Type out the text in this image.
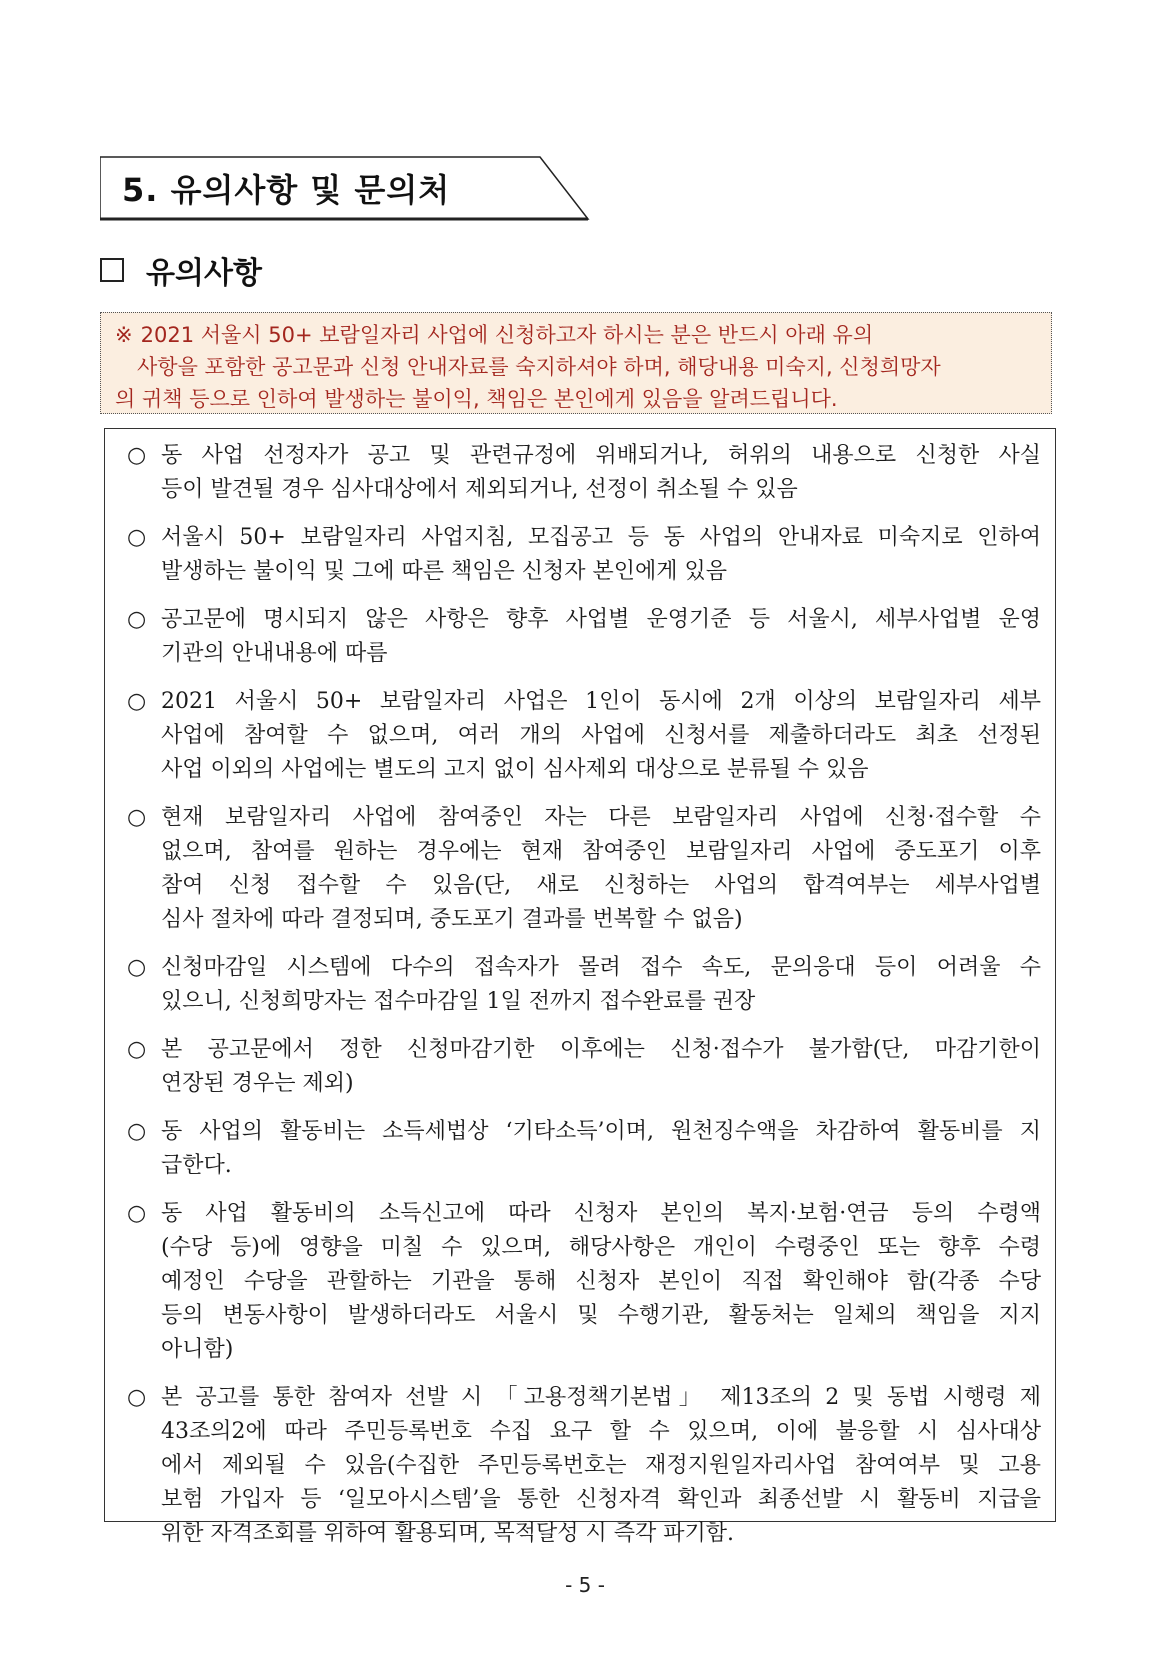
5. 유의사항 및 문의처
유의사항
※ 2021 서울시 50+ 보람일자리 사업에 신청하고자 하시는 분은 반드시 아래 유의
사항을 포함한 공고문과 신청 안내자료를 숙지하셔야 하며, 해당내용 미숙지, 신청희망자
의 귀책 등으로 인하여 발생하는 불이익, 책임은 본인에게 있음을 알려드립니다.
○ 동 사업 선정자가 공고 및 관련규정에 위배되거나, 허위의 내용으로 신청한 사실
등이 발견될 경우 심사대상에서 제외되거나, 선정이 취소될 수 있음
○ 서울시 50+ 보람일자리 사업지침, 모집공고 등 동 사업의 안내자료 미숙지로 인하여
발생하는 불이익 및 그에 따른 책임은 신청자 본인에게 있음
○ 공고문에 명시되지 않은 사항은 향후 사업별 운영기준 등 서울시, 세부사업별 운영
기관의 안내내용에 따름
○ 2021 서울시 50+ 보람일자리 사업은 1인이 동시에 2개 이상의 보람일자리 세부
사업에 참여할 수 없으며, 여러 개의 사업에 신청서를 제출하더라도 최초 선정된
사업 이외의 사업에는 별도의 고지 없이 심사제외 대상으로 분류될 수 있음
○ 현재 보람일자리 사업에 참여중인 자는 다른 보람일자리 사업에 신청·접수할 수
없으며, 참여를 원하는 경우에는 현재 참여중인 보람일자리 사업에 중도포기 이후
참여 신청 접수할 수 있음(단, 새로 신청하는 사업의 합격여부는 세부사업별
심사 절차에 따라 결정되며, 중도포기 결과를 번복할 수 없음)
○ 신청마감일 시스템에 다수의 접속자가 몰려 접수 속도, 문의응대 등이 어려울 수
있으니, 신청희망자는 접수마감일 1일 전까지 접수완료를 권장
○ 본 공고문에서 정한 신청마감기한 이후에는 신청·접수가 불가함(단, 마감기한이
연장된 경우는 제외)
○ 동 사업의 활동비는 소득세법상 ‘기타소득’이며, 원천징수액을 차감하여 활동비를 지
급한다.
○ 동 사업 활동비의 소득신고에 따라 신청자 본인의 복지·보험·연금 등의 수령액
(수당 등)에 영향을 미칠 수 있으며, 해당사항은 개인이 수령중인 또는 향후 수령
예정인 수당을 관할하는 기관을 통해 신청자 본인이 직접 확인해야 함(각종 수당
등의 변동사항이 발생하더라도 서울시 및 수행기관, 활동처는 일체의 책임을 지지
아니함)
○ 본 공고를 통한 참여자 선발 시 「고용정책기본법」 제13조의 2 및 동법 시행령 제
43조의2에 따라 주민등록번호 수집 요구 할 수 있으며, 이에 불응할 시 심사대상
에서 제외될 수 있음(수집한 주민등록번호는 재정지원일자리사업 참여여부 및 고용
보험 가입자 등 ‘일모아시스템’을 통한 신청자격 확인과 최종선발 시 활동비 지급을
위한 자격조회를 위하여 활용되며, 목적달성 시 즉각 파기함.
- 5 -
